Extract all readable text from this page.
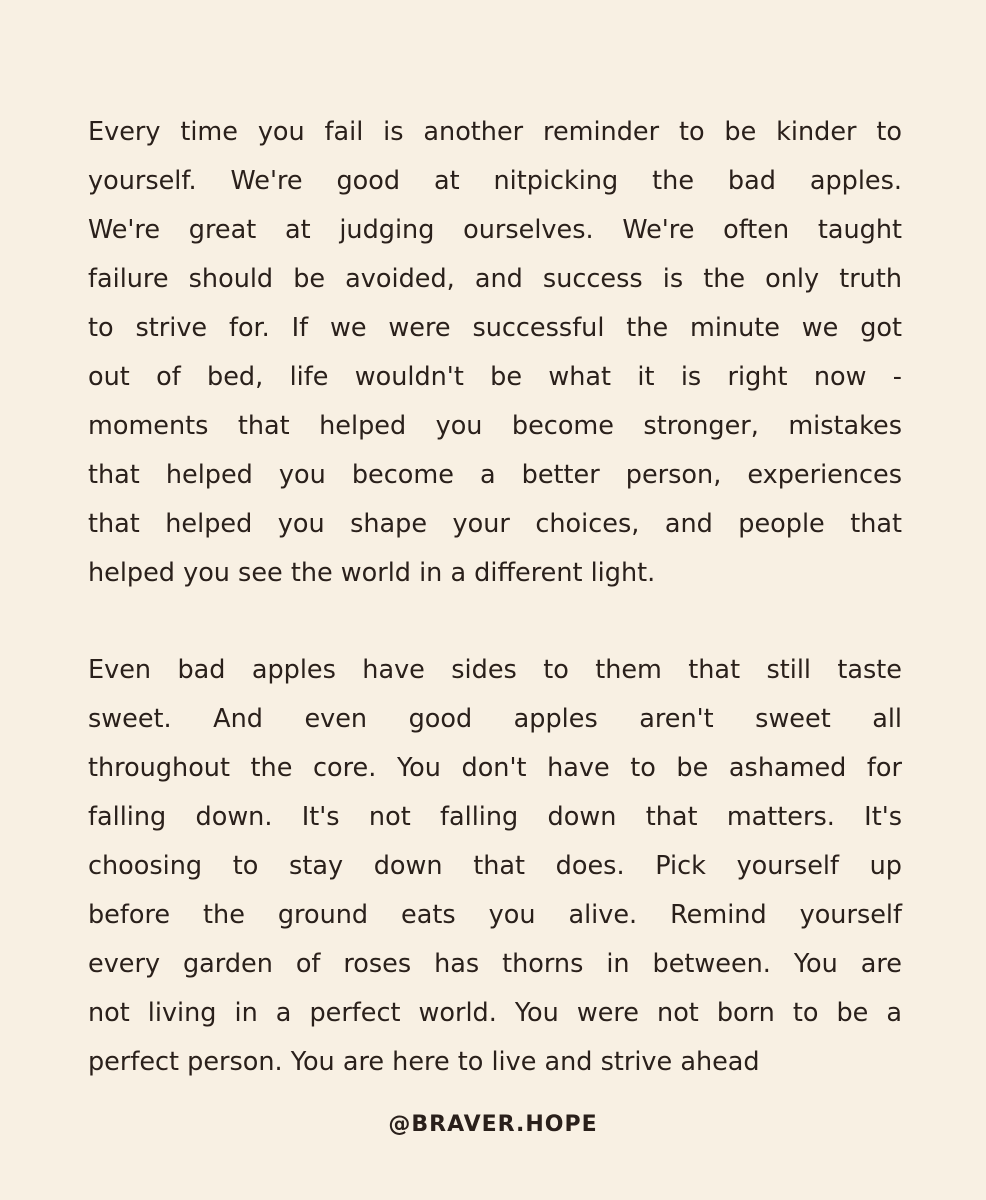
Every time you fail is another reminder to be kinder to
yourself. We're good at nitpicking the bad apples.
We're great at judging ourselves. We're often taught
failure should be avoided, and success is the only truth
to strive for. If we were successful the minute we got
out of bed, life wouldn't be what it is right now -
moments that helped you become stronger, mistakes
that helped you become a better person, experiences
that helped you shape your choices, and people that
helped you see the world in a different light.
Even bad apples have sides to them that still taste
sweet. And even good apples aren't sweet all
throughout the core. You don't have to be ashamed for
falling down. It's not falling down that matters. It's
choosing to stay down that does. Pick yourself up
before the ground eats you alive. Remind yourself
every garden of roses has thorns in between. You are
not living in a perfect world. You were not born to be a
perfect person. You are here to live and strive ahead
@BRAVER.HOPE
